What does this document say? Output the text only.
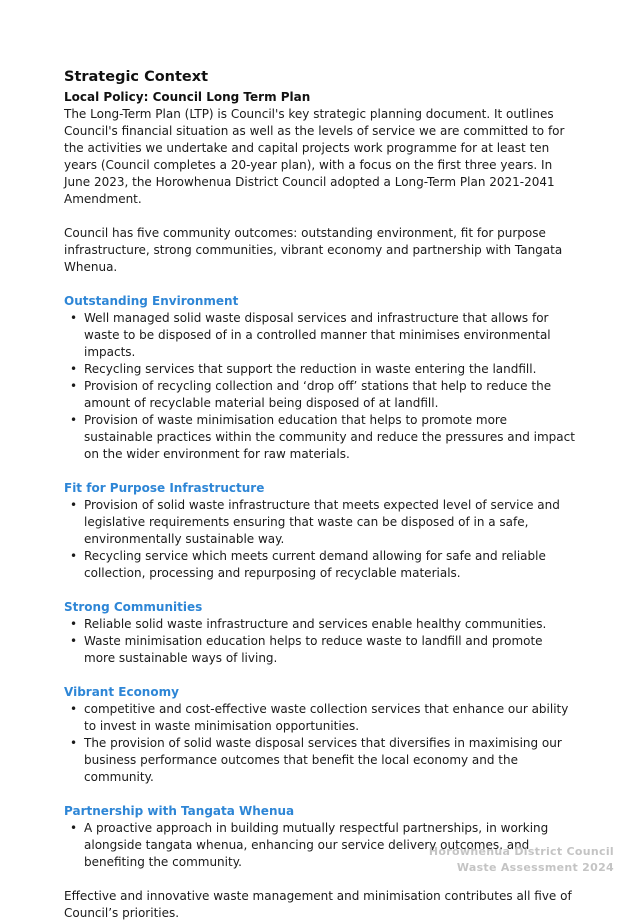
Strategic Context
Local Policy: Council Long Term Plan

The Long-Term Plan (LTP) is Council's key strategic planning document. It outlines Council's financial situation as well as the levels of service we are committed to for the activities we undertake and capital projects work programme for at least ten years (Council completes a 20-year plan), with a focus on the first three years. In June 2023, the Horowhenua District Council adopted a Long-Term Plan 2021-2041 Amendment.

Council has five community outcomes: outstanding environment, fit for purpose infrastructure, strong communities, vibrant economy and partnership with Tangata Whenua.

Outstanding Environment
• Well managed solid waste disposal services and infrastructure that allows for waste to be disposed of in a controlled manner that minimises environmental impacts.
• Recycling services that support the reduction in waste entering the landfill.
• Provision of recycling collection and ‘drop off’ stations that help to reduce the amount of recyclable material being disposed of at landfill.
• Provision of waste minimisation education that helps to promote more sustainable practices within the community and reduce the pressures and impact on the wider environment for raw materials.
Fit for Purpose Infrastructure
• Provision of solid waste infrastructure that meets expected level of service and legislative requirements ensuring that waste can be disposed of in a safe, environmentally sustainable way.
• Recycling service which meets current demand allowing for safe and reliable collection, processing and repurposing of recyclable materials.
Strong Communities
• Reliable solid waste infrastructure and services enable healthy communities.
• Waste minimisation education helps to reduce waste to landfill and promote more sustainable ways of living.
Vibrant Economy
• competitive and cost-effective waste collection services that enhance our ability to invest in waste minimisation opportunities.
• The provision of solid waste disposal services that diversifies in maximising our business performance outcomes that benefit the local economy and the community.
Partnership with Tangata Whenua
• A proactive approach in building mutually respectful partnerships, in working alongside tangata whenua, enhancing our service delivery outcomes, and benefiting the community.

Effective and innovative waste management and minimisation contributes all five of Council’s priorities.

Horowhenua District Council
Waste Assessment 2024
